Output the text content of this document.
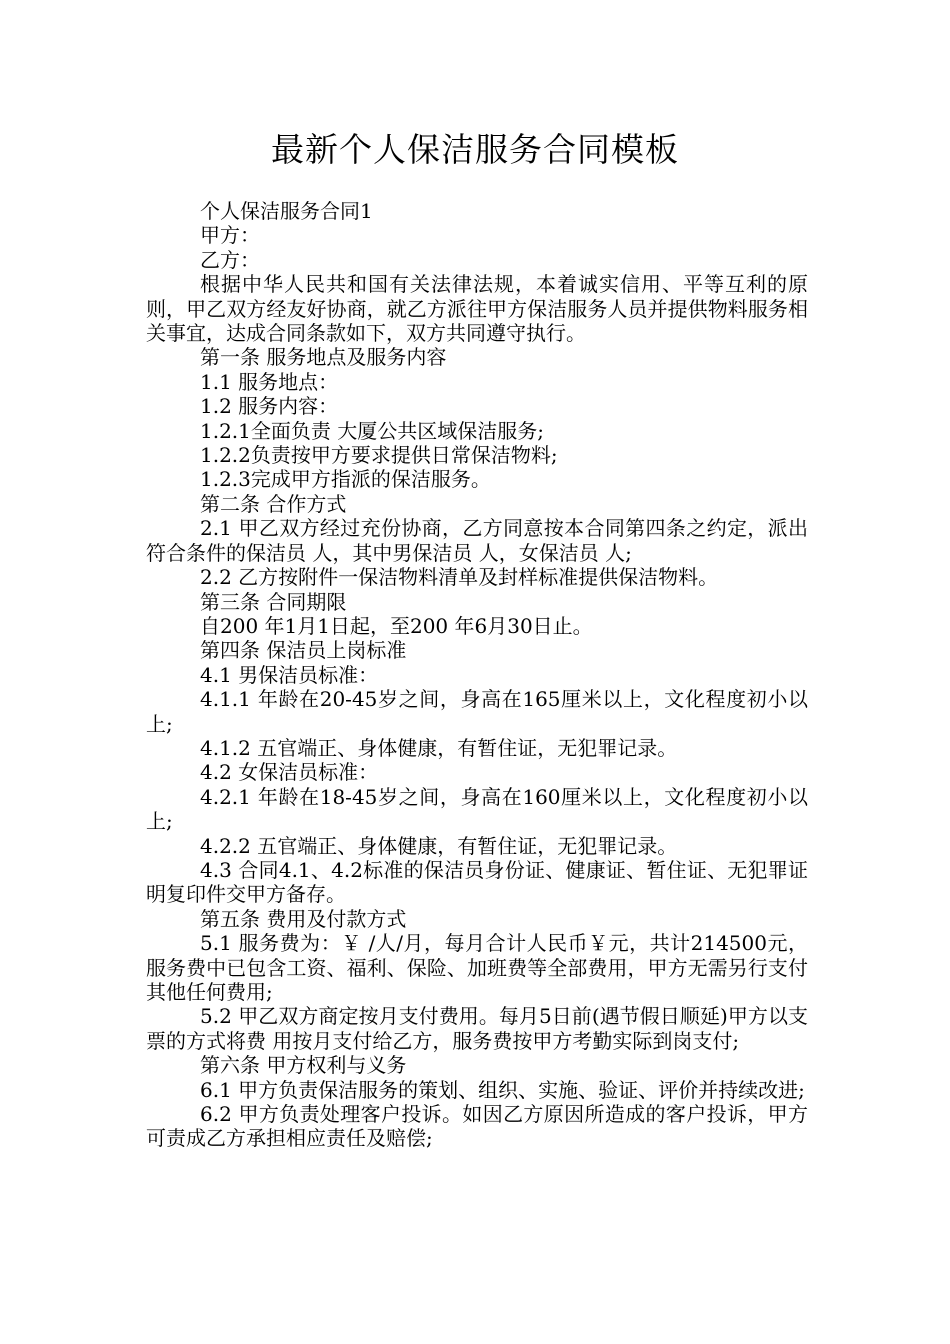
最新个人保洁服务合同模板

个人保洁服务合同1

甲方：

乙方：

根据中华人民共和国有关法律法规，本着诚实信用、平等互利的原则，甲乙双方经友好协商，就乙方派往甲方保洁服务人员并提供物料服务相关事宜，达成合同条款如下，双方共同遵守执行。

第一条 服务地点及服务内容

1.1 服务地点：

1.2 服务内容：

1.2.1全面负责 大厦公共区域保洁服务;

1.2.2负责按甲方要求提供日常保洁物料;

1.2.3完成甲方指派的保洁服务。

第二条 合作方式

2.1 甲乙双方经过充份协商，乙方同意按本合同第四条之约定，派出符合条件的保洁员 人，其中男保洁员 人，女保洁员 人;

2.2 乙方按附件一保洁物料清单及封样标准提供保洁物料。

第三条 合同期限

自200 年1月1日起，至200 年6月30日止。

第四条 保洁员上岗标准

4.1 男保洁员标准：

4.1.1 年龄在20-45岁之间，身高在165厘米以上，文化程度初小以上;

4.1.2 五官端正、身体健康，有暂住证，无犯罪记录。

4.2 女保洁员标准：

4.2.1 年龄在18-45岁之间，身高在160厘米以上，文化程度初小以上;

4.2.2 五官端正、身体健康，有暂住证，无犯罪记录。

4.3 合同4.1、4.2标准的保洁员身份证、健康证、暂住证、无犯罪证明复印件交甲方备存。

第五条 费用及付款方式

5.1 服务费为：￥ /人/月，每月合计人民币￥元，共计214500元，服务费中已包含工资、福利、保险、加班费等全部费用，甲方无需另行支付其他任何费用;

5.2 甲乙双方商定按月支付费用。每月5日前(遇节假日顺延)甲方以支票的方式将费 用按月支付给乙方，服务费按甲方考勤实际到岗支付;

第六条 甲方权利与义务

6.1 甲方负责保洁服务的策划、组织、实施、验证、评价并持续改进;

6.2 甲方负责处理客户投诉。如因乙方原因所造成的客户投诉，甲方可责成乙方承担相应责任及赔偿;
